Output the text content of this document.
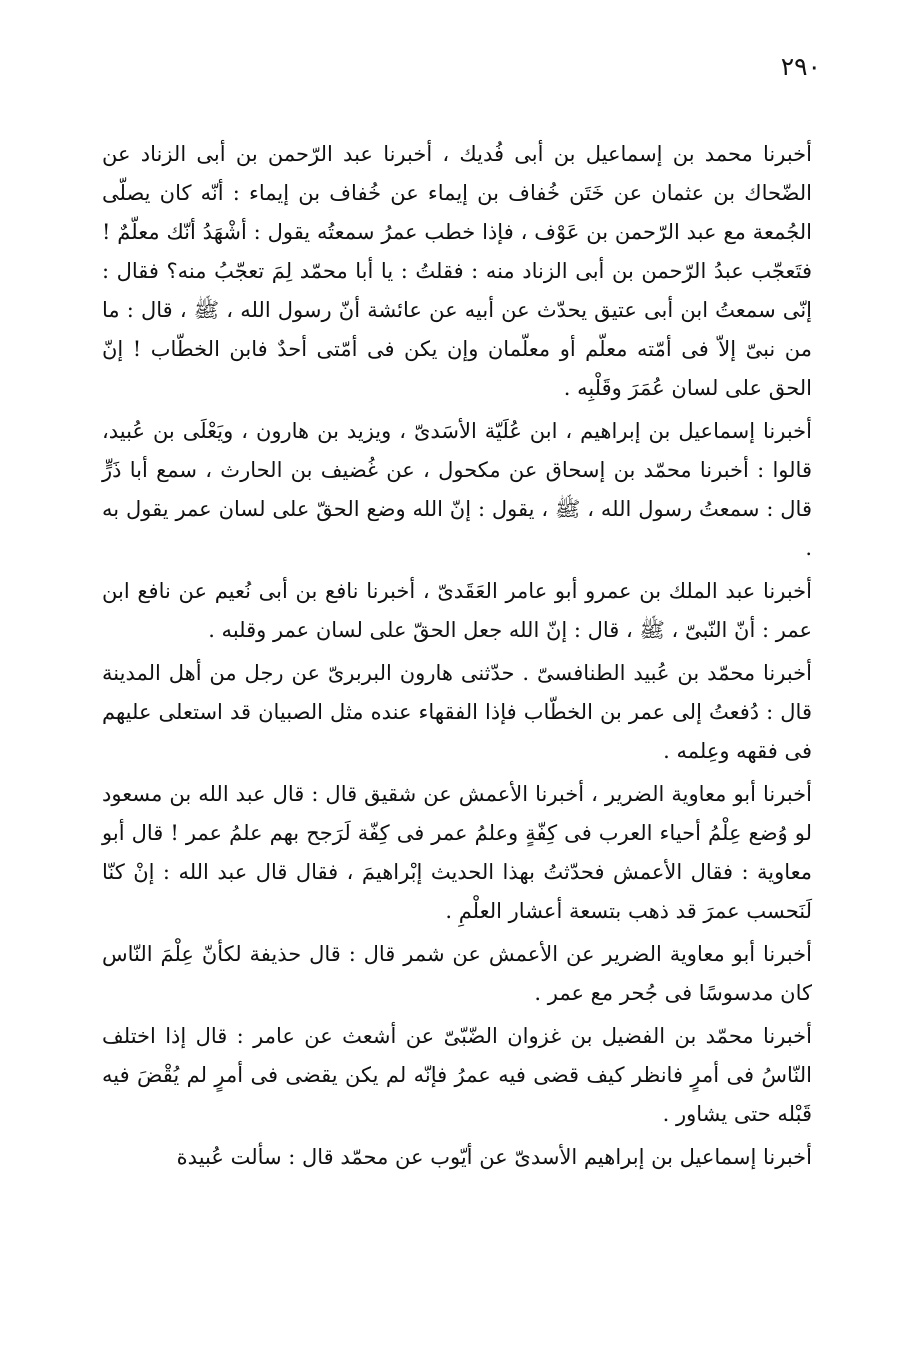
٢٩٠

أخبرنا محمد بن إسماعيل بن أبى فُديك ، أخبرنا عبد الرّحمن بن أبى الزناد عن الضّحاك بن عثمان عن خَتَن خُفاف بن إيماء عن خُفاف بن إيماء : أنّه كان يصلّى الجُمعة مع عبد الرّحمن بن عَوْف ، فإذا خطب عمرُ سمعتُه يقول : أشْهَدُ أنّك معلّمٌ ! فتَعجّب عبدُ الرّحمن بن أبى الزناد منه : فقلتُ : يا أبا محمّد لِمَ تعجّبُ منه؟ فقال : إنّى سمعتُ ابن أبى عتيق يحدّث عن أبيه عن عائشة أنّ رسول الله ، ﷺ ، قال : ما من نبىّ إلاّ فى أمّته معلّم أو معلّمان وإن يكن فى أمّتى أحدٌ فابن الخطّاب ! إنّ الحق على لسان عُمَرَ وقَلْبِه .

أخبرنا إسماعيل بن إبراهيم ، ابن عُلَيّة الأسَدىّ ، ويزيد بن هارون ، ويَعْلَى بن عُبيد، قالوا : أخبرنا محمّد بن إسحاق عن مكحول ، عن غُضيف بن الحارث ، سمع أبا ذَرٍّ قال : سمعتُ رسول الله ، ﷺ ، يقول : إنّ الله وضع الحقّ على لسان عمر يقول به .

أخبرنا عبد الملك بن عمرو أبو عامر العَقَدىّ ، أخبرنا نافع بن أبى نُعيم عن نافع ابن عمر : أنّ النّبىّ ، ﷺ ، قال : إنّ الله جعل الحقّ على لسان عمر وقلبه .

أخبرنا محمّد بن عُبيد الطنافسىّ . حدّثنى هارون البربرىّ عن رجل من أهل المدينة قال : دُفعتُ إلى عمر بن الخطّاب فإذا الفقهاء عنده مثل الصبيان قد استعلى عليهم فى فقهه وعِلمه .

أخبرنا أبو معاوية الضرير ، أخبرنا الأعمش عن شقيق قال : قال عبد الله بن مسعود لو وُضع عِلْمُ أحياء العرب فى كِفّةٍ وعلمُ عمر فى كِفّة لَرَجح بهم علمُ عمر ! قال أبو معاوية : فقال الأعمش فحدّثتُ بهذا الحديث إبْراهيمَ ، فقال قال عبد الله : إنْ كنّا لَنَحسب عمرَ قد ذهب بتسعة أعشار العلْمِ .

أخبرنا أبو معاوية الضرير عن الأعمش عن شمر قال : قال حذيفة لكأنّ عِلْمَ النّاس كان مدسوسًا فى جُحر مع عمر .

أخبرنا محمّد بن الفضيل بن غزوان الضّبّىّ عن أشعث عن عامر : قال إذا اختلف النّاسُ فى أمرٍ فانظر كيف قضى فيه عمرُ فإنّه لم يكن يقضى فى أمرٍ لم يُقْضَ فيه قَبْله حتى يشاور .

أخبرنا إسماعيل بن إبراهيم الأسدىّ عن أيّوب عن محمّد قال : سألت عُبيدة
